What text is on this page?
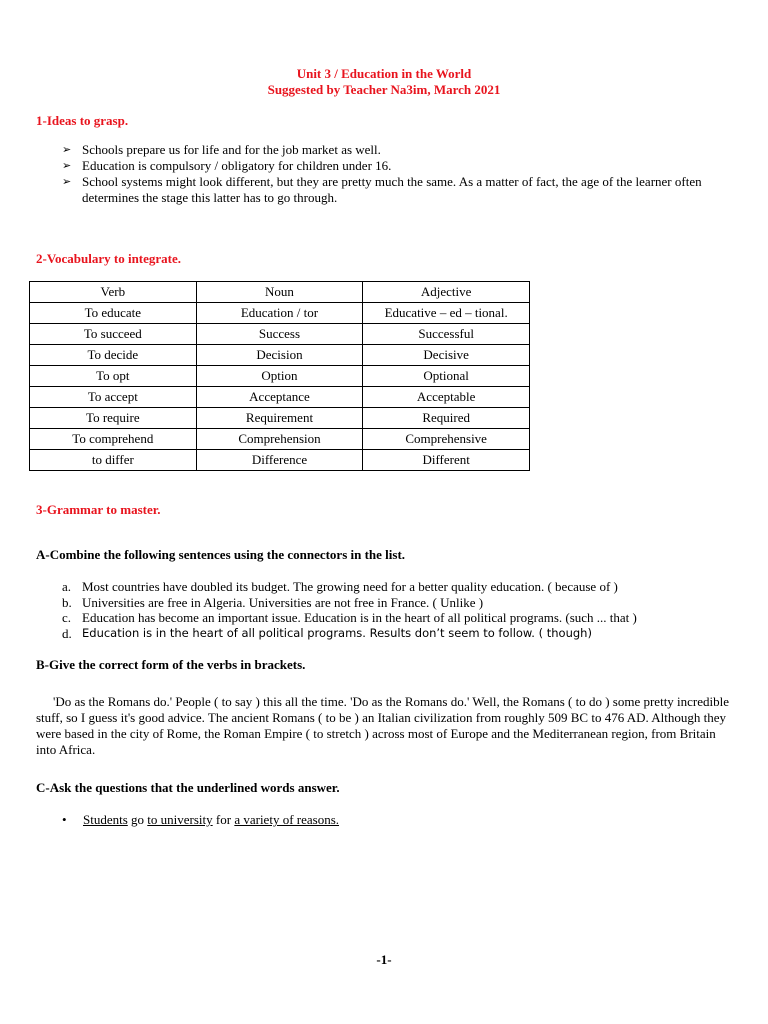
Unit 3 / Education in the World
Suggested by Teacher Na3im, March 2021
1-Ideas to grasp.
➢ Schools prepare us for life and for the job market as well.
➢ Education is compulsory / obligatory for children under 16.
➢ School systems might look different, but they are pretty much the same. As a matter of fact, the age of the learner often determines the stage this latter has to go through.
2-Vocabulary to integrate.
Verb	Noun	Adjective
To educate	Education / tor	Educative – ed – tional.
To succeed	Success	Successful
To decide	Decision	Decisive
To opt	Option	Optional
To accept	Acceptance	Acceptable
To require	Requirement	Required
To comprehend	Comprehension	Comprehensive
to differ	Difference	Different
3-Grammar to master.
A-Combine the following sentences using the connectors in the list.
a. Most countries have doubled its budget. The growing need for a better quality education. ( because of )
b. Universities are free in Algeria. Universities are not free in France. ( Unlike )
c. Education has become an important issue. Education is in the heart of all political programs. (such ... that )
d. Education is in the heart of all political programs. Results don’t seem to follow. ( though)
B-Give the correct form of the verbs in brackets.
'Do as the Romans do.' People ( to say ) this all the time. 'Do as the Romans do.' Well, the Romans ( to do ) some pretty incredible stuff, so I guess it's good advice. The ancient Romans ( to be ) an Italian civilization from roughly 509 BC to 476 AD. Although they were based in the city of Rome, the Roman Empire ( to stretch ) across most of Europe and the Mediterranean region, from Britain into Africa.
C-Ask the questions that the underlined words answer.
• Students go to university for a variety of reasons.
-1-
